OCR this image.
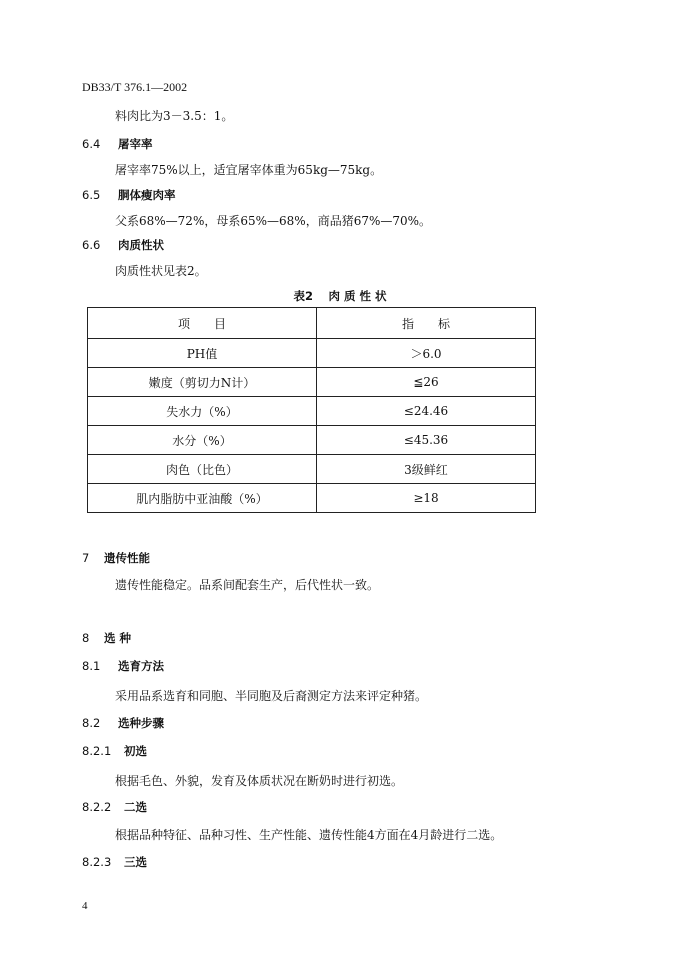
DB33/T 376.1—2002
料肉比为3－3.5：1。
6.4 屠宰率
屠宰率75%以上，适宜屠宰体重为65kg—75kg。
6.5 胴体瘦肉率
父系68%—72%，母系65%—68%，商品猪67%—70%。
6.6 肉质性状
肉质性状见表2。
表2　 肉 质 性 状
项　　目	指　　标
PH值	＞6.0
嫩度（剪切力N计）	≦26
失水力（%）	≤24.46
水分（%）	≤45.36
肉色（比色）	3级鲜红
肌内脂肪中亚油酸（%）	≥18
7 遗传性能
遗传性能稳定。品系间配套生产，后代性状一致。
8 选 种
8.1 选育方法
采用品系选育和同胞、半同胞及后裔测定方法来评定种猪。
8.2 选种步骤
8.2.1 初选
根据毛色、外貌，发育及体质状况在断奶时进行初选。
8.2.2 二选
根据品种特征、品种习性、生产性能、遗传性能4方面在4月龄进行二选。
8.2.3 三选
4
